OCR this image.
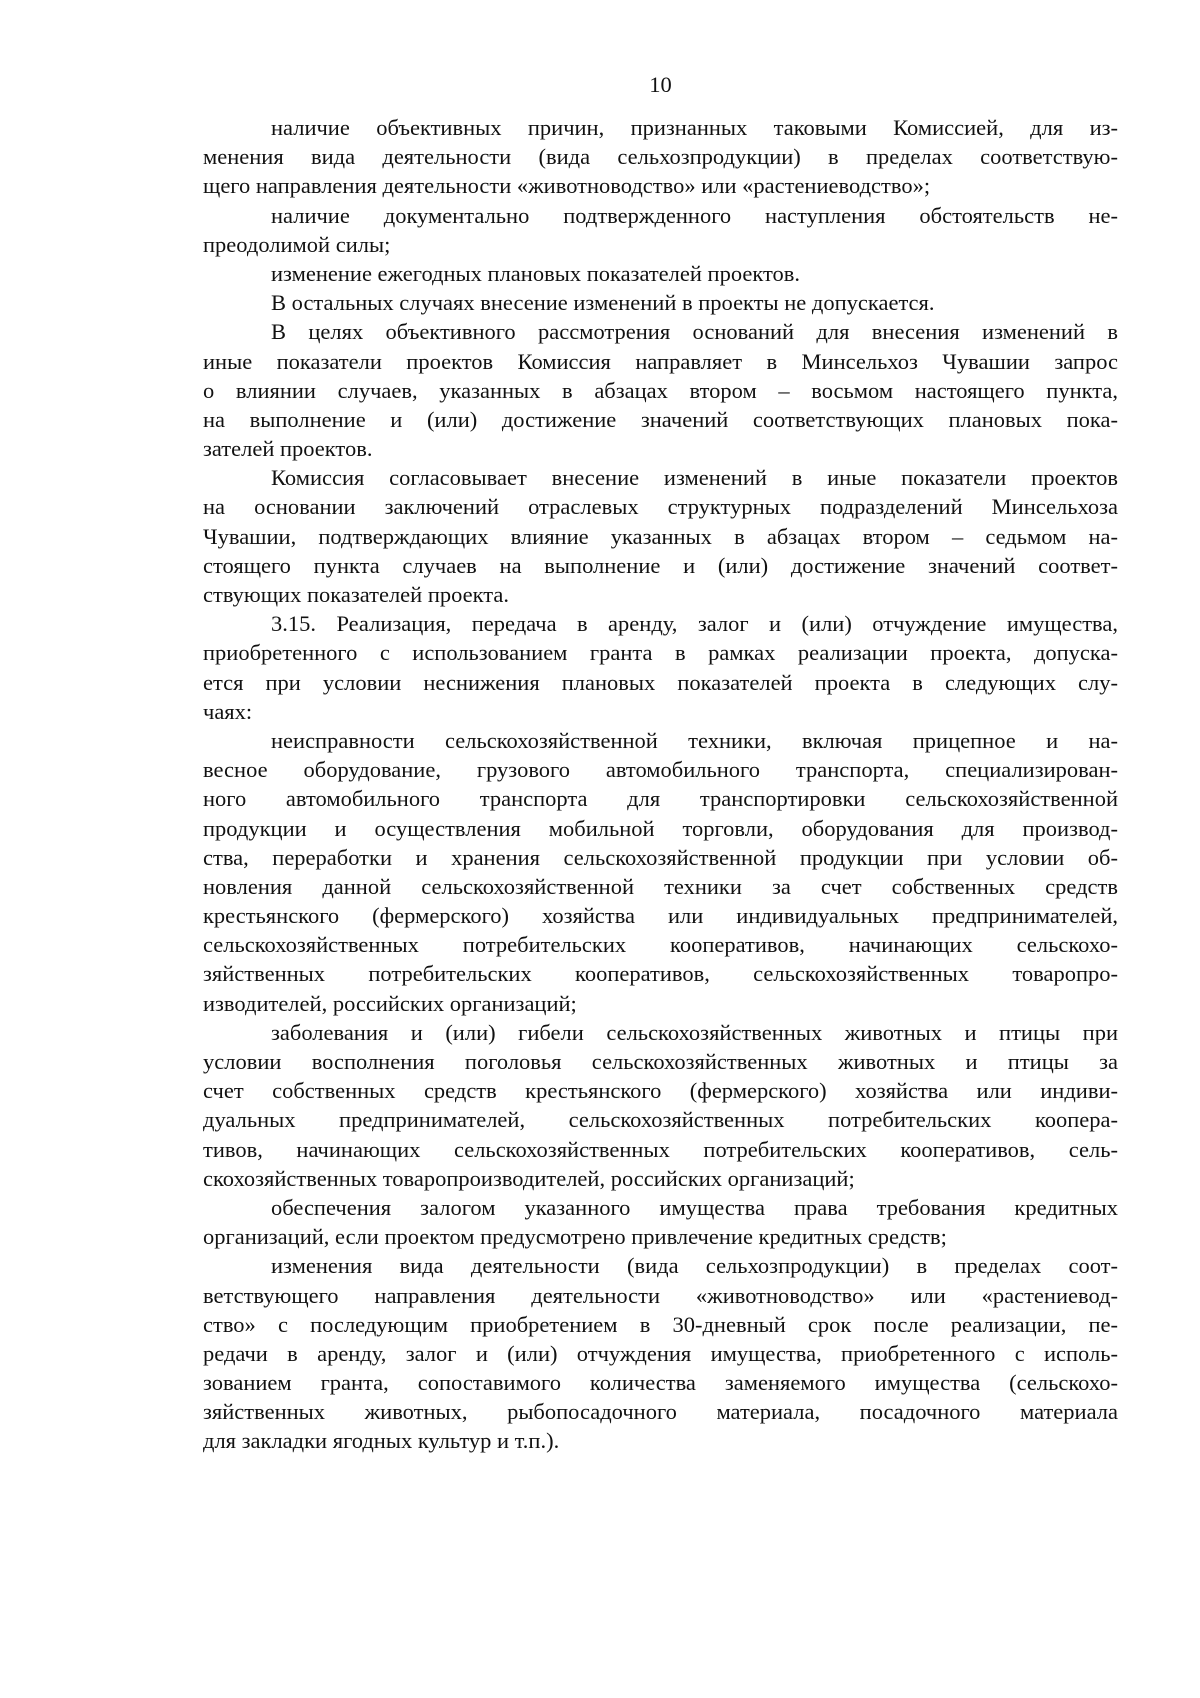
10
наличие объективных причин, признанных таковыми Комиссией, для из-
менения вида деятельности (вида сельхозпродукции) в пределах соответствую-
щего направления деятельности «животноводство» или «растениеводство»;
наличие документально подтвержденного наступления обстоятельств не-
преодолимой силы;
изменение ежегодных плановых показателей проектов.
В остальных случаях внесение изменений в проекты не допускается.
В целях объективного рассмотрения оснований для внесения изменений в
иные показатели проектов Комиссия направляет в Минсельхоз Чувашии запрос
о влиянии случаев, указанных в абзацах втором – восьмом настоящего пункта,
на выполнение и (или) достижение значений соответствующих плановых пока-
зателей проектов.
Комиссия согласовывает внесение изменений в иные показатели проектов
на основании заключений отраслевых структурных подразделений Минсельхоза
Чувашии, подтверждающих влияние указанных в абзацах втором – седьмом на-
стоящего пункта случаев на выполнение и (или) достижение значений соответ-
ствующих показателей проекта.
3.15. Реализация, передача в аренду, залог и (или) отчуждение имущества,
приобретенного с использованием гранта в рамках реализации проекта, допуска-
ется при условии неснижения плановых показателей проекта в следующих слу-
чаях:
неисправности сельскохозяйственной техники, включая прицепное и на-
весное оборудование, грузового автомобильного транспорта, специализирован-
ного автомобильного транспорта для транспортировки сельскохозяйственной
продукции и осуществления мобильной торговли, оборудования для производ-
ства, переработки и хранения сельскохозяйственной продукции при условии об-
новления данной сельскохозяйственной техники за счет собственных средств
крестьянского (фермерского) хозяйства или индивидуальных предпринимателей,
сельскохозяйственных потребительских кооперативов, начинающих сельскохо-
зяйственных потребительских кооперативов, сельскохозяйственных товаропро-
изводителей, российских организаций;
заболевания и (или) гибели сельскохозяйственных животных и птицы при
условии восполнения поголовья сельскохозяйственных животных и птицы за
счет собственных средств крестьянского (фермерского) хозяйства или индиви-
дуальных предпринимателей, сельскохозяйственных потребительских коопера-
тивов, начинающих сельскохозяйственных потребительских кооперативов, сель-
скохозяйственных товаропроизводителей, российских организаций;
обеспечения залогом указанного имущества права требования кредитных
организаций, если проектом предусмотрено привлечение кредитных средств;
изменения вида деятельности (вида сельхозпродукции) в пределах соот-
ветствующего направления деятельности «животноводство» или «растениевод-
ство» с последующим приобретением в 30-дневный срок после реализации, пе-
редачи в аренду, залог и (или) отчуждения имущества, приобретенного с исполь-
зованием гранта, сопоставимого количества заменяемого имущества (сельскохо-
зяйственных животных, рыбопосадочного материала, посадочного материала
для закладки ягодных культур и т.п.).
